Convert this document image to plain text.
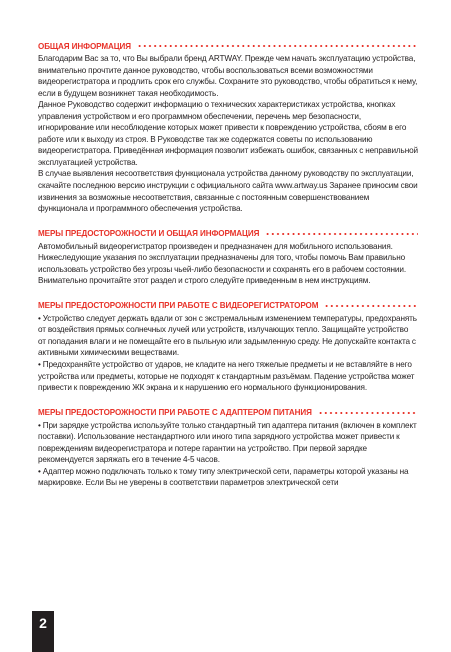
ОБЩАЯ ИНФОРМАЦИЯ

Благодарим Вас за то, что Вы выбрали бренд ARTWAY. Прежде чем начать эксплуатацию устройства, внимательно прочтите данное руководство, чтобы воспользоваться всеми возможностями видеорегистратора и продлить срок его службы. Сохраните это руководство, чтобы обратиться к нему, если в будущем возникнет такая необходимость.

Данное Руководство содержит информацию о технических характеристиках устройства, кнопках управления устройством и его программном обеспечении, перечень мер безопасности, игнорирование или несоблюдение которых может привести к повреждению устройства, сбоям в его работе или к выходу из строя. В Руководстве так же содержатся советы по использованию видеорегистратора. Приведённая информация позволит избежать ошибок, связанных с неправильной эксплуатацией устройства.

В случае выявления несоответствия функционала устройства данному руководству по эксплуатации, скачайте последнюю версию инструкции с официального сайта www.artway.us Заранее приносим свои извинения за возможные несоответствия, связанные с постоянным совершенствованием функционала и программного обеспечения устройства.

МЕРЫ ПРЕДОСТОРОЖНОСТИ И ОБЩАЯ ИНФОРМАЦИЯ

Автомобильный видеорегистратор произведен и предназначен для мобильного использования. Нижеследующие указания по эксплуатации предназначены для того, чтобы помочь Вам правильно использовать устройство без угрозы чьей-либо безопасности и сохранять его в рабочем состоянии.

Внимательно прочитайте этот раздел и строго следуйте приведенным в нем инструкциям.

МЕРЫ ПРЕДОСТОРОЖНОСТИ ПРИ РАБОТЕ С ВИДЕОРЕГИСТРАТОРОМ

• Устройство следует держать вдали от зон с экстремальным изменением температуры, предохранять от воздействия прямых солнечных лучей или устройств, излучающих тепло. Защищайте устройство от попадания влаги и не помещайте его в пыльную или задымленную среду. Не допускайте контакта с активными химическими веществами.

• Предохраняйте устройство от ударов, не кладите на него тяжелые предметы и не вставляйте в него устройства или предметы, которые не подходят к стандартным разъёмам. Падение устройства может привести к повреждению ЖК экрана и к нарушению его нормального функционирования.

МЕРЫ ПРЕДОСТОРОЖНОСТИ ПРИ РАБОТЕ С АДАПТЕРОМ ПИТАНИЯ

• При зарядке устройства используйте только стандартный тип адаптера питания (включен в комплект поставки). Использование нестандартного или иного типа зарядного устройства может привести к повреждениям видеорегистратора и потере гарантии на устройство. При первой зарядке рекомендуется заряжать его в течение 4-5 часов.

• Адаптер можно подключать только к тому типу электрической сети, параметры которой указаны на маркировке. Если Вы не уверены в соответствии параметров электрической сети

2
